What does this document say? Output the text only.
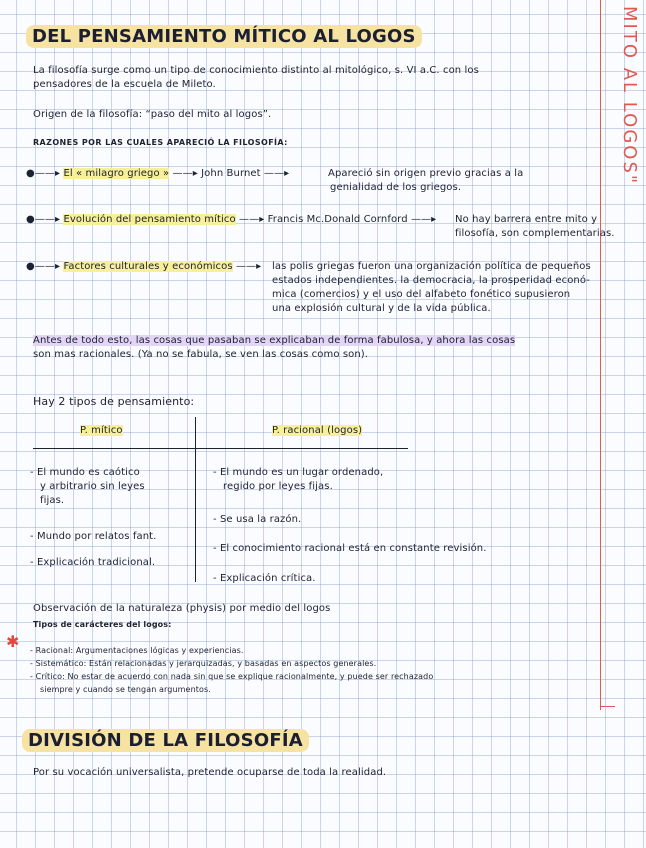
MITO AL LOGOS"
DEL PENSAMIENTO MÍTICO AL LOGOS
La filosofía surge como un tipo de conocimiento distinto al mitológico, s. VI a.C. con los
pensadores de la escuela de Mileto.
Origen de la filosofía: “paso del mito al logos”.
RAZONES POR LAS CUALES APARECIÓ LA FILOSOFÍA:
●——▸ El « milagro griego » ——▸ John Burnet ——▸	Apareció sin origen previo gracias a la
genialidad de los griegos.
●——▸ Evolución del pensamiento mítico ——▸ Francis Mc.Donald Cornford ——▸ No hay barrera entre mito y
filosofía, son complementarias.
●——▸ Factores culturales y económicos ——▸ las polis griegas fueron una organización política de pequeños
estados independientes. la democracia, la prosperidad econó-
mica (comercios) y el uso del alfabeto fonético supusieron
una explosión cultural y de la vida pública.
Antes de todo esto, las cosas que pasaban se explicaban de forma fabulosa, y ahora las cosas
son mas racionales. (Ya no se fabula, se ven las cosas como son).
Hay 2 tipos de pensamiento:
P. mítico	P. racional (logos)
- El mundo es caótico
y arbitrario sin leyes
fijas.
- Mundo por relatos fant.
- Explicación tradicional.
- El mundo es un lugar ordenado,
regido por leyes fijas.
- Se usa la razón.
- El conocimiento racional está en constante revisión.
- Explicación crítica.
Observación de la naturaleza (physis) por medio del logos
Tipos de carácteres del logos:
✱ - Racional: Argumentaciones lógicas y experiencias.
- Sistemático: Están relacionadas y jerarquizadas, y basadas en aspectos generales.
- Crítico: No estar de acuerdo con nada sin que se explique racionalmente, y puede ser rechazado
siempre y cuando se tengan argumentos.
DIVISIÓN DE LA FILOSOFÍA
Por su vocación universalista, pretende ocuparse de toda la realidad.
